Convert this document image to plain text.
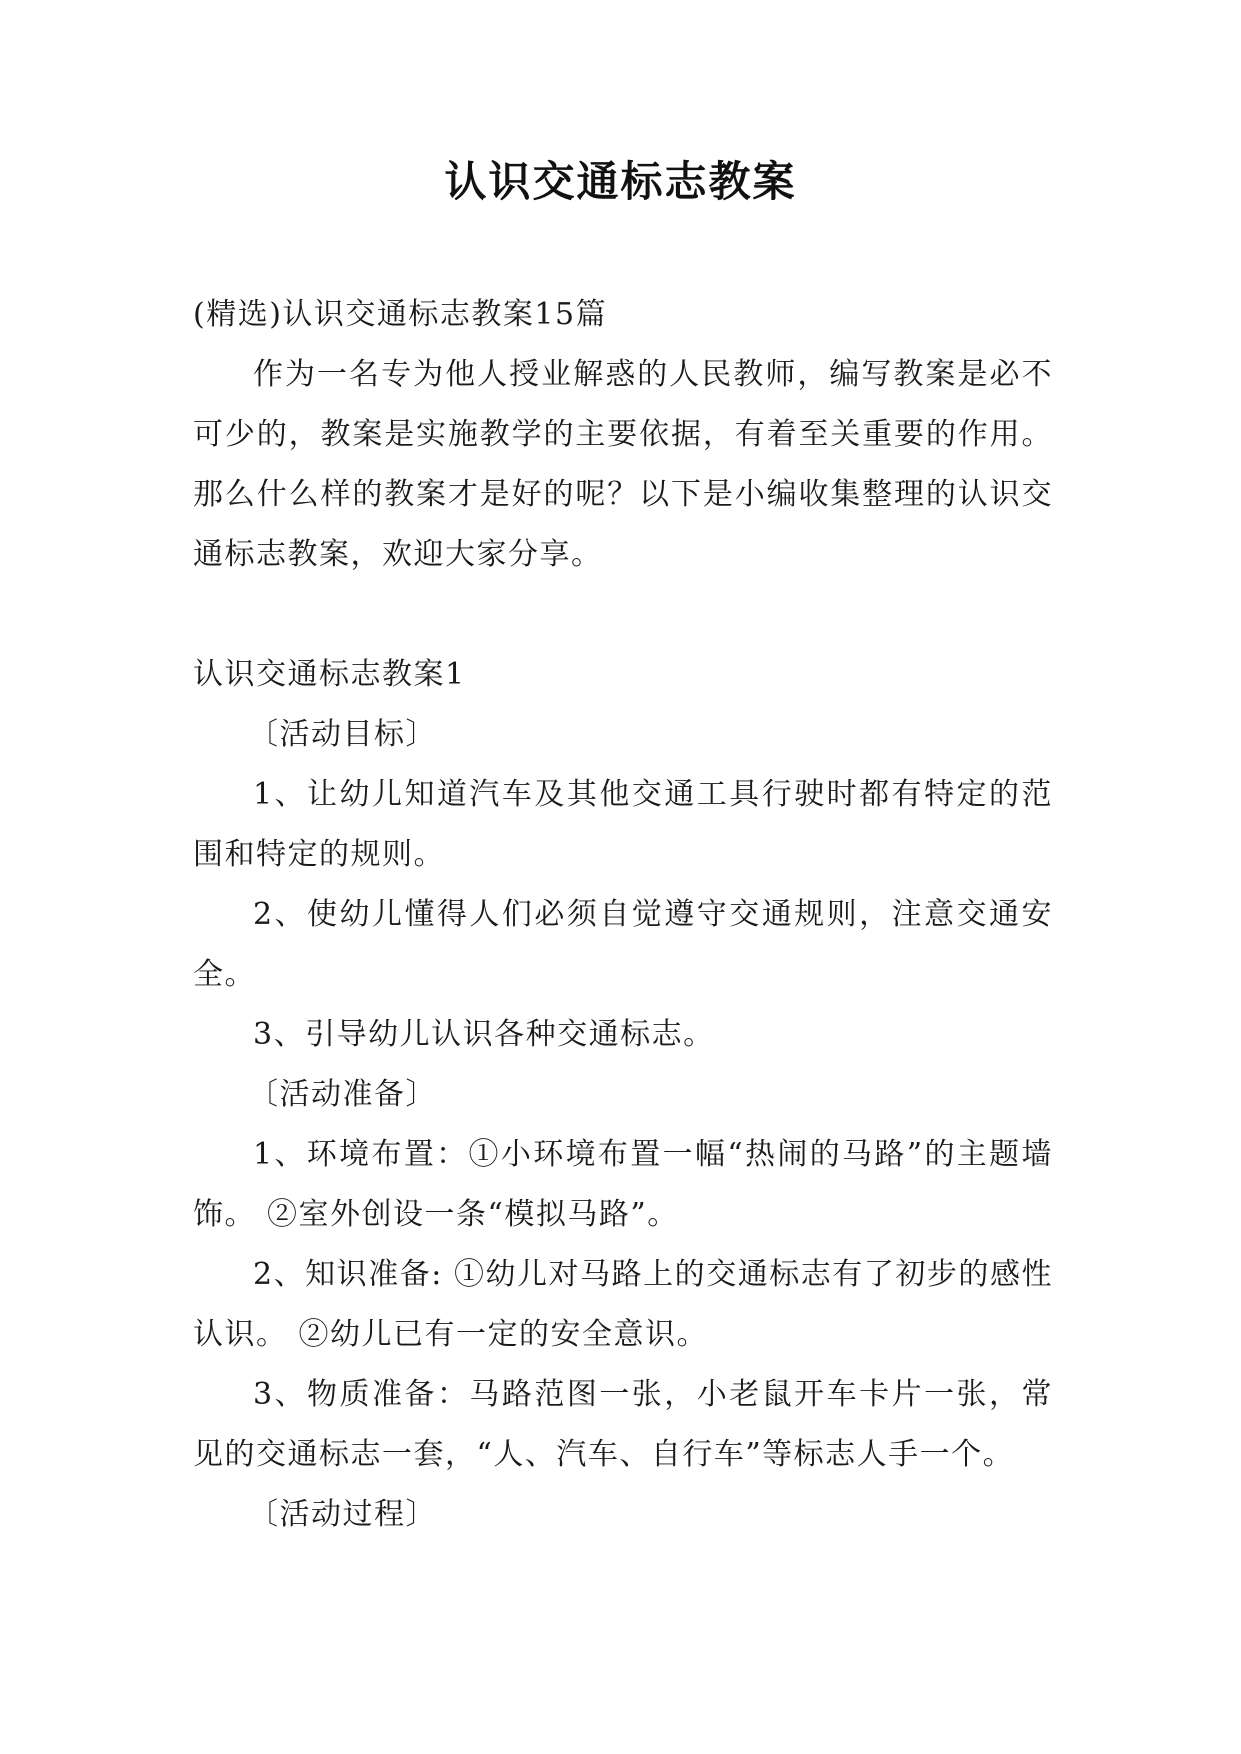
认识交通标志教案

(精选)认识交通标志教案15篇

作为一名专为他人授业解惑的人民教师，编写教案是必不可少的，教案是实施教学的主要依据，有着至关重要的作用。那么什么样的教案才是好的呢？以下是小编收集整理的认识交通标志教案，欢迎大家分享。

认识交通标志教案1

〔活动目标〕

1、让幼儿知道汽车及其他交通工具行驶时都有特定的范围和特定的规则。

2、使幼儿懂得人们必须自觉遵守交通规则，注意交通安全。

3、引导幼儿认识各种交通标志。

〔活动准备〕

1、环境布置：①小环境布置一幅“热闹的马路”的主题墙饰。 ②室外创设一条“模拟马路”。

2、知识准备: ①幼儿对马路上的交通标志有了初步的感性认识。 ②幼儿已有一定的安全意识。

3、物质准备：马路范图一张，小老鼠开车卡片一张，常见的交通标志一套，“人、汽车、自行车”等标志人手一个。

〔活动过程〕
